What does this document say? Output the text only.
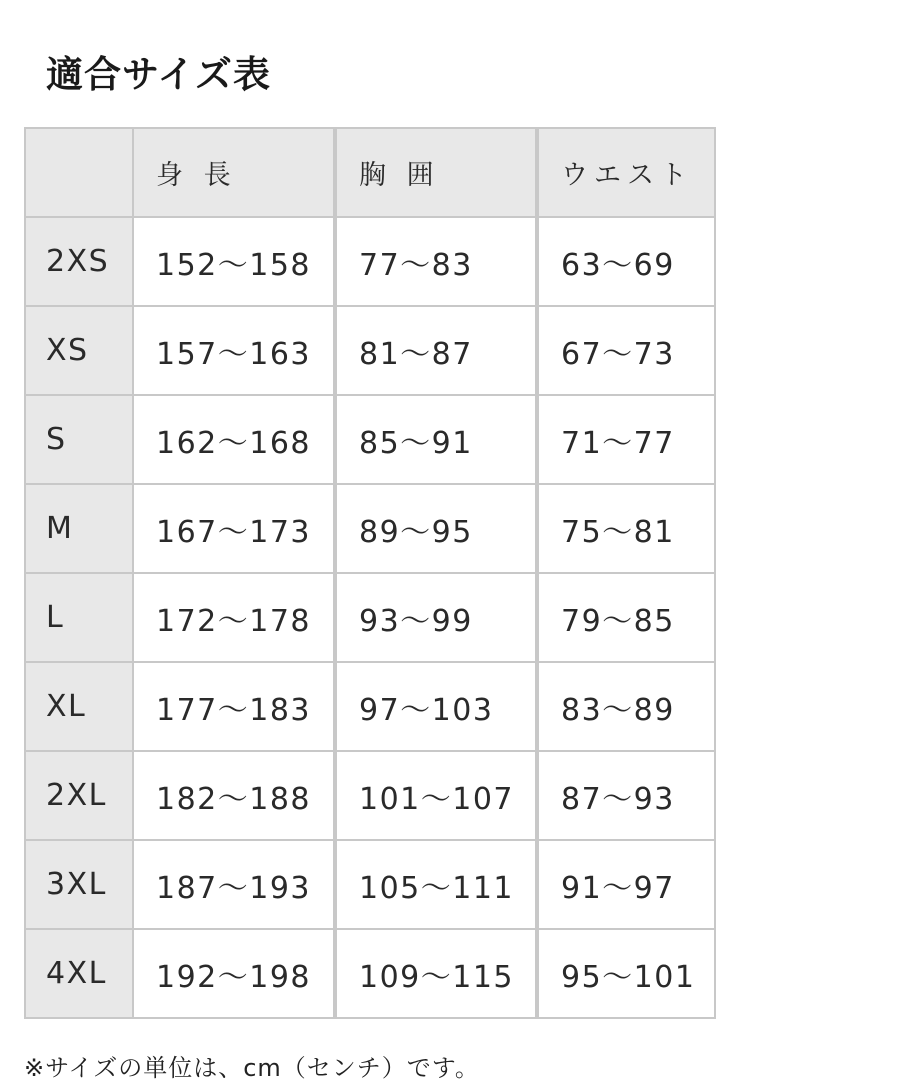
適合サイズ表
	身 長	胸 囲	ウエスト
2XS	152〜158	77〜83	63〜69
XS	157〜163	81〜87	67〜73
S	162〜168	85〜91	71〜77
M	167〜173	89〜95	75〜81
L	172〜178	93〜99	79〜85
XL	177〜183	97〜103	83〜89
2XL	182〜188	101〜107	87〜93
3XL	187〜193	105〜111	91〜97
4XL	192〜198	109〜115	95〜101
※サイズの単位は、cm（センチ）です。
